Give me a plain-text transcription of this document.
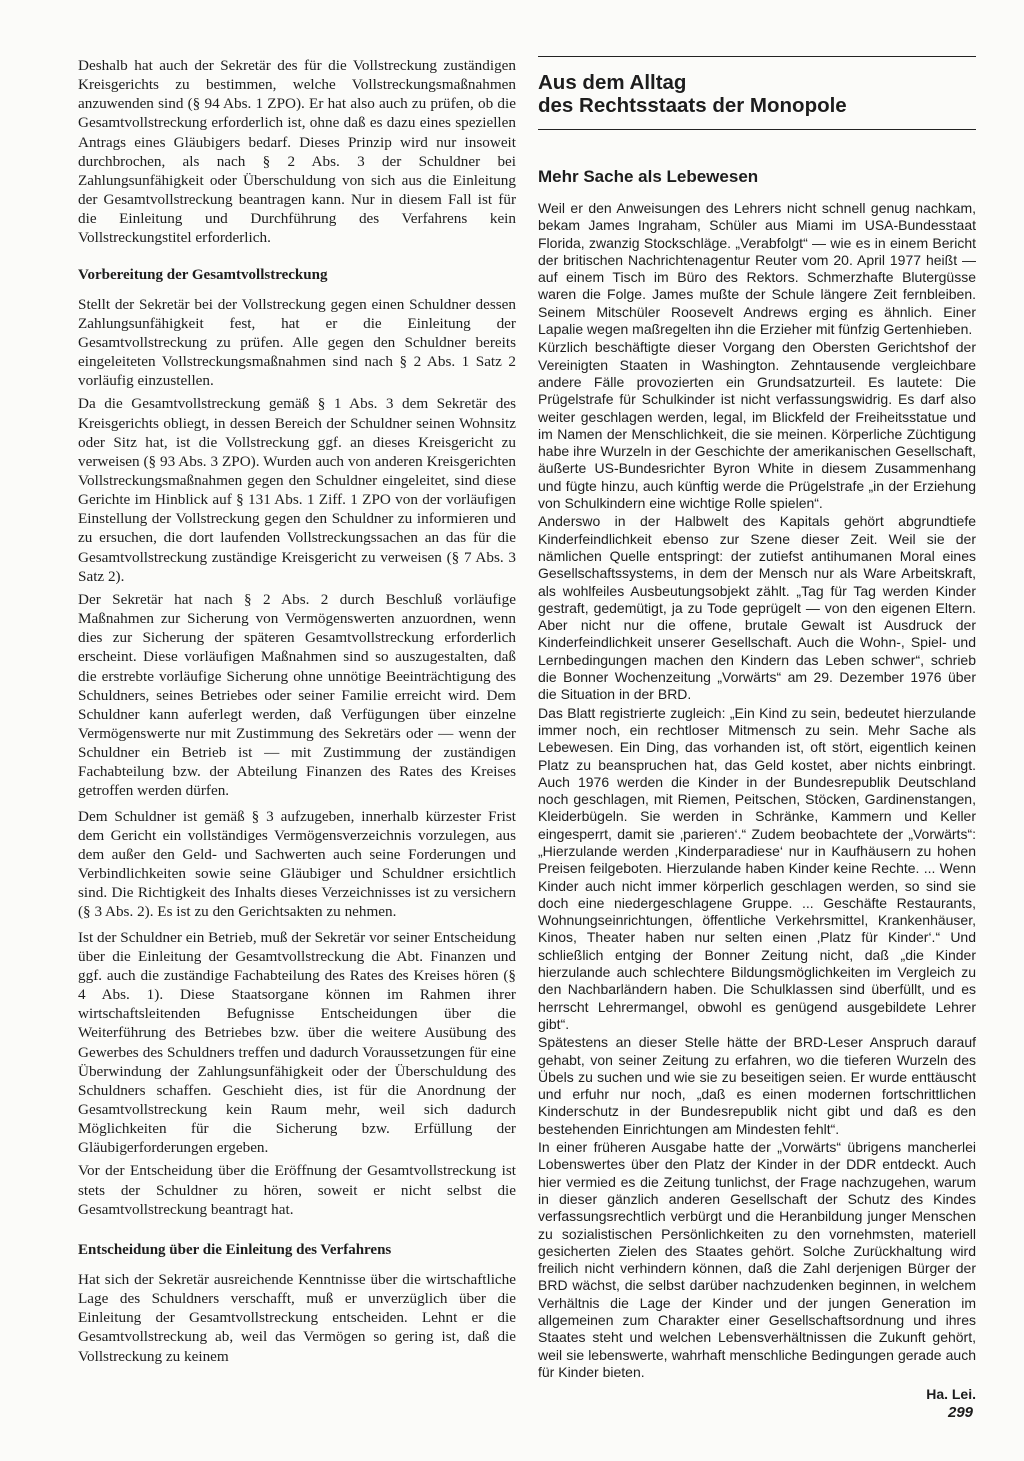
Deshalb hat auch der Sekretär des für die Vollstreckung zuständigen Kreisgerichts zu bestimmen, welche Vollstreckungsmaßnahmen anzuwenden sind (§ 94 Abs. 1 ZPO). Er hat also auch zu prüfen, ob die Gesamtvollstreckung erforderlich ist, ohne daß es dazu eines speziellen Antrags eines Gläubigers bedarf. Dieses Prinzip wird nur insoweit durchbrochen, als nach § 2 Abs. 3 der Schuldner bei Zahlungsunfähigkeit oder Überschuldung von sich aus die Einleitung der Gesamtvollstreckung beantragen kann. Nur in diesem Fall ist für die Einleitung und Durchführung des Verfahrens kein Vollstreckungstitel erforderlich.

Vorbereitung der Gesamtvollstreckung

Stellt der Sekretär bei der Vollstreckung gegen einen Schuldner dessen Zahlungsunfähigkeit fest, hat er die Einleitung der Gesamtvollstreckung zu prüfen. Alle gegen den Schuldner bereits eingeleiteten Vollstreckungsmaßnahmen sind nach § 2 Abs. 1 Satz 2 vorläufig einzustellen.

Da die Gesamtvollstreckung gemäß § 1 Abs. 3 dem Sekretär des Kreisgerichts obliegt, in dessen Bereich der Schuldner seinen Wohnsitz oder Sitz hat, ist die Vollstreckung ggf. an dieses Kreisgericht zu verweisen (§ 93 Abs. 3 ZPO). Wurden auch von anderen Kreisgerichten Vollstreckungsmaßnahmen gegen den Schuldner eingeleitet, sind diese Gerichte im Hinblick auf § 131 Abs. 1 Ziff. 1 ZPO von der vorläufigen Einstellung der Vollstreckung gegen den Schuldner zu informieren und zu ersuchen, die dort laufenden Vollstreckungssachen an das für die Gesamtvollstreckung zuständige Kreisgericht zu verweisen (§ 7 Abs. 3 Satz 2).

Der Sekretär hat nach § 2 Abs. 2 durch Beschluß vorläufige Maßnahmen zur Sicherung von Vermögenswerten anzuordnen, wenn dies zur Sicherung der späteren Gesamtvollstreckung erforderlich erscheint. Diese vorläufigen Maßnahmen sind so auszugestalten, daß die erstrebte vorläufige Sicherung ohne unnötige Beeinträchtigung des Schuldners, seines Betriebes oder seiner Familie erreicht wird. Dem Schuldner kann auferlegt werden, daß Verfügungen über einzelne Vermögenswerte nur mit Zustimmung des Sekretärs oder — wenn der Schuldner ein Betrieb ist — mit Zustimmung der zuständigen Fachabteilung bzw. der Abteilung Finanzen des Rates des Kreises getroffen werden dürfen.

Dem Schuldner ist gemäß § 3 aufzugeben, innerhalb kürzester Frist dem Gericht ein vollständiges Vermögensverzeichnis vorzulegen, aus dem außer den Geld- und Sachwerten auch seine Forderungen und Verbindlichkeiten sowie seine Gläubiger und Schuldner ersichtlich sind. Die Richtigkeit des Inhalts dieses Verzeichnisses ist zu versichern (§ 3 Abs. 2). Es ist zu den Gerichtsakten zu nehmen.

Ist der Schuldner ein Betrieb, muß der Sekretär vor seiner Entscheidung über die Einleitung der Gesamtvollstreckung die Abt. Finanzen und ggf. auch die zuständige Fachabteilung des Rates des Kreises hören (§ 4 Abs. 1). Diese Staatsorgane können im Rahmen ihrer wirtschaftsleitenden Befugnisse Entscheidungen über die Weiterführung des Betriebes bzw. über die weitere Ausübung des Gewerbes des Schuldners treffen und dadurch Voraussetzungen für eine Überwindung der Zahlungsunfähigkeit oder der Überschuldung des Schuldners schaffen. Geschieht dies, ist für die Anordnung der Gesamtvollstreckung kein Raum mehr, weil sich dadurch Möglichkeiten für die Sicherung bzw. Erfüllung der Gläubigerforderungen ergeben.

Vor der Entscheidung über die Eröffnung der Gesamtvollstreckung ist stets der Schuldner zu hören, soweit er nicht selbst die Gesamtvollstreckung beantragt hat.

Entscheidung über die Einleitung des Verfahrens

Hat sich der Sekretär ausreichende Kenntnisse über die wirtschaftliche Lage des Schuldners verschafft, muß er unverzüglich über die Einleitung der Gesamtvollstreckung entscheiden. Lehnt er die Gesamtvollstreckung ab, weil das Vermögen so gering ist, daß die Vollstreckung zu keinem

Aus dem Alltag
des Rechtsstaats der Monopole
Mehr Sache als Lebewesen

Weil er den Anweisungen des Lehrers nicht schnell genug nachkam, bekam James Ingraham, Schüler aus Miami im USA-Bundesstaat Florida, zwanzig Stockschläge. „Verabfolgt“ — wie es in einem Bericht der britischen Nachrichtenagentur Reuter vom 20. April 1977 heißt — auf einem Tisch im Büro des Rektors. Schmerzhafte Blutergüsse waren die Folge. James mußte der Schule längere Zeit fernbleiben. Seinem Mitschüler Roosevelt Andrews erging es ähnlich. Einer Lapalie wegen maßregelten ihn die Erzieher mit fünfzig Gertenhieben.

Kürzlich beschäftigte dieser Vorgang den Obersten Gerichtshof der Vereinigten Staaten in Washington. Zehntausende vergleichbare andere Fälle provozierten ein Grundsatzurteil. Es lautete: Die Prügelstrafe für Schulkinder ist nicht verfassungswidrig. Es darf also weiter geschlagen werden, legal, im Blickfeld der Freiheitsstatue und im Namen der Menschlichkeit, die sie meinen. Körperliche Züchtigung habe ihre Wurzeln in der Geschichte der amerikanischen Gesellschaft, äußerte US-Bundesrichter Byron White in diesem Zusammenhang und fügte hinzu, auch künftig werde die Prügelstrafe „in der Erziehung von Schulkindern eine wichtige Rolle spielen“.

Anderswo in der Halbwelt des Kapitals gehört abgrundtiefe Kinderfeindlichkeit ebenso zur Szene dieser Zeit. Weil sie der nämlichen Quelle entspringt: der zutiefst antihumanen Moral eines Gesellschaftssystems, in dem der Mensch nur als Ware Arbeitskraft, als wohlfeiles Ausbeutungsobjekt zählt. „Tag für Tag werden Kinder gestraft, gedemütigt, ja zu Tode geprügelt — von den eigenen Eltern. Aber nicht nur die offene, brutale Gewalt ist Ausdruck der Kinderfeindlichkeit unserer Gesellschaft. Auch die Wohn-, Spiel- und Lernbedingungen machen den Kindern das Leben schwer“, schrieb die Bonner Wochenzeitung „Vorwärts“ am 29. Dezember 1976 über die Situation in der BRD.

Das Blatt registrierte zugleich: „Ein Kind zu sein, bedeutet hierzulande immer noch, ein rechtloser Mitmensch zu sein. Mehr Sache als Lebewesen. Ein Ding, das vorhanden ist, oft stört, eigentlich keinen Platz zu beanspruchen hat, das Geld kostet, aber nichts einbringt. Auch 1976 werden die Kinder in der Bundesrepublik Deutschland noch geschlagen, mit Riemen, Peitschen, Stöcken, Gardinenstangen, Kleiderbügeln. Sie werden in Schränke, Kammern und Keller eingesperrt, damit sie ‚parieren‘.“ Zudem beobachtete der „Vorwärts“: „Hierzulande werden ‚Kinderparadiese‘ nur in Kaufhäusern zu hohen Preisen feilgeboten. Hierzulande haben Kinder keine Rechte. ... Wenn Kinder auch nicht immer körperlich geschlagen werden, so sind sie doch eine niedergeschlagene Gruppe. ... Geschäfte Restaurants, Wohnungseinrichtungen, öffentliche Verkehrsmittel, Krankenhäuser, Kinos, Theater haben nur selten einen ‚Platz für Kinder‘.“ Und schließlich entging der Bonner Zeitung nicht, daß „die Kinder hierzulande auch schlechtere Bildungsmöglichkeiten im Vergleich zu den Nachbarländern haben. Die Schulklassen sind überfüllt, und es herrscht Lehrermangel, obwohl es genügend ausgebildete Lehrer gibt“.

Spätestens an dieser Stelle hätte der BRD-Leser Anspruch darauf gehabt, von seiner Zeitung zu erfahren, wo die tieferen Wurzeln des Übels zu suchen und wie sie zu beseitigen seien. Er wurde enttäuscht und erfuhr nur noch, „daß es einen modernen fortschrittlichen Kinderschutz in der Bundesrepublik nicht gibt und daß es den bestehenden Einrichtungen am Mindesten fehlt“.

In einer früheren Ausgabe hatte der „Vorwärts“ übrigens mancherlei Lobenswertes über den Platz der Kinder in der DDR entdeckt. Auch hier vermied es die Zeitung tunlichst, der Frage nachzugehen, warum in dieser gänzlich anderen Gesellschaft der Schutz des Kindes verfassungsrechtlich verbürgt und die Heranbildung junger Menschen zu sozialistischen Persönlichkeiten zu den vornehmsten, materiell gesicherten Zielen des Staates gehört. Solche Zurückhaltung wird freilich nicht verhindern können, daß die Zahl derjenigen Bürger der BRD wächst, die selbst darüber nachzudenken beginnen, in welchem Verhältnis die Lage der Kinder und der jungen Generation im allgemeinen zum Charakter einer Gesellschaftsordnung und ihres Staates steht und welchen Lebensverhältnissen die Zukunft gehört, weil sie lebenswerte, wahrhaft menschliche Bedingungen gerade auch für Kinder bieten.

Ha. Lei.
299
